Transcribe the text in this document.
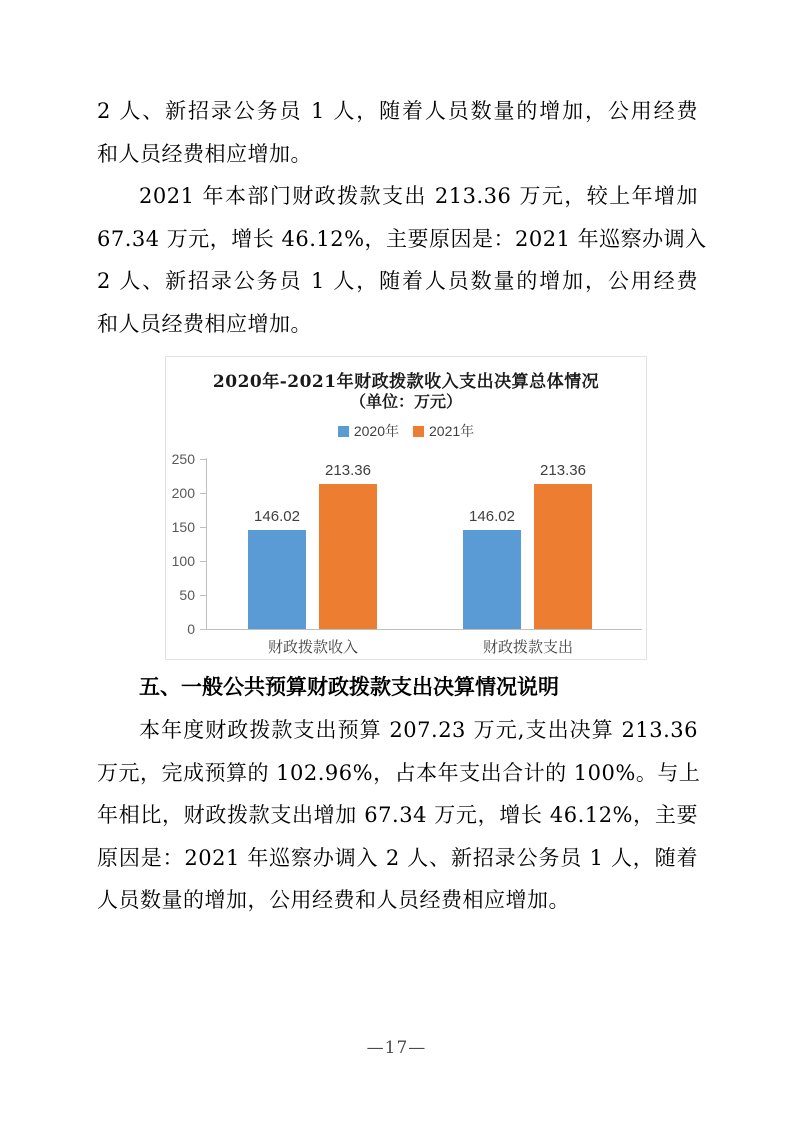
2 人、新招录公务员 1 人，随着人员数量的增加，公用经费
和人员经费相应增加。
2021 年本部门财政拨款支出 213.36 万元，较上年增加
67.34 万元，增长 46.12%，主要原因是：2021 年巡察办调入
2 人、新招录公务员 1 人，随着人员数量的增加，公用经费
和人员经费相应增加。
2020年-2021年财政拨款收入支出决算总体情况
（单位：万元）
2020年 2021年
财政拨款收入	财政拨款支出
0
50
100
150
200
250
146.02
213.36
146.02
213.36
五、一般公共预算财政拨款支出决算情况说明
本年度财政拨款支出预算 207.23 万元,支出决算 213.36
万元，完成预算的 102.96%，占本年支出合计的 100%。与上
年相比，财政拨款支出增加 67.34 万元，增长 46.12%，主要
原因是：2021 年巡察办调入 2 人、新招录公务员 1 人，随着
人员数量的增加，公用经费和人员经费相应增加。
—17—
